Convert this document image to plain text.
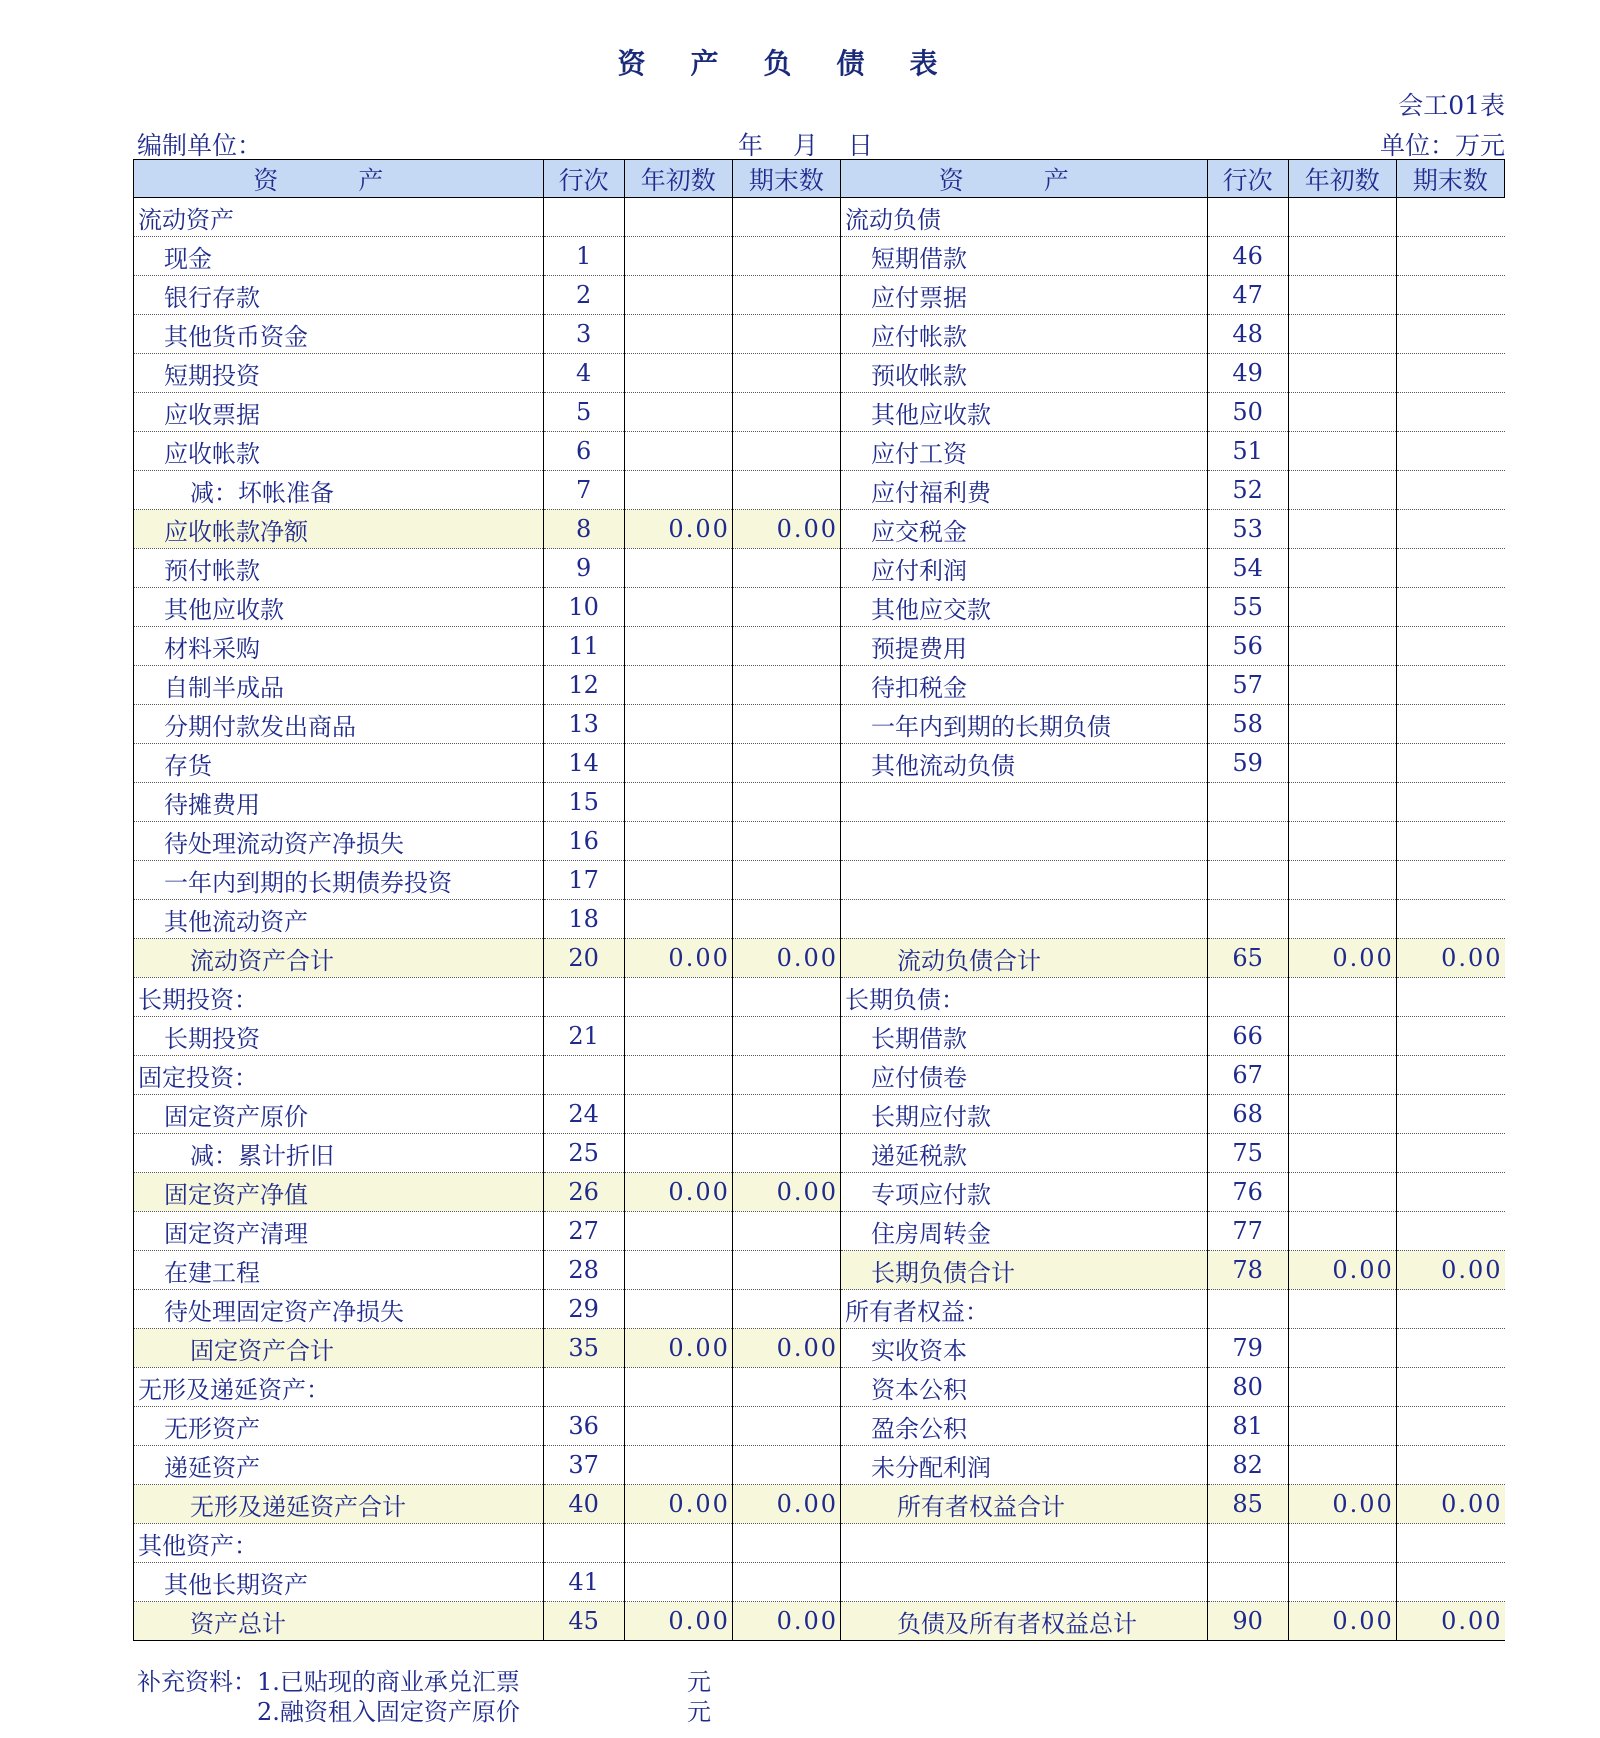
资产负债表
会工01表
编制单位：	年 月 日	单位：万元
资产	行次	年初数	期末数	资产	行次	年初数	期末数
流动资产				流动负债			
现金	1			短期借款	46		
银行存款	2			应付票据	47		
其他货币资金	3			应付帐款	48		
短期投资	4			预收帐款	49		
应收票据	5			其他应收款	50		
应收帐款	6			应付工资	51		
减：坏帐准备	7			应付福利费	52		
应收帐款净额	8	0.00	0.00	应交税金	53		
预付帐款	9			应付利润	54		
其他应收款	10			其他应交款	55		
材料采购	11			预提费用	56		
自制半成品	12			待扣税金	57		
分期付款发出商品	13			一年内到期的长期负债	58		
存货	14			其他流动负债	59		
待摊费用	15						
待处理流动资产净损失	16						
一年内到期的长期债券投资	17						
其他流动资产	18						
流动资产合计	20	0.00	0.00	流动负债合计	65	0.00	0.00
长期投资：				长期负债：			
长期投资	21			长期借款	66		
固定投资：				应付债卷	67		
固定资产原价	24			长期应付款	68		
减：累计折旧	25			递延税款	75		
固定资产净值	26	0.00	0.00	专项应付款	76		
固定资产清理	27			住房周转金	77		
在建工程	28			长期负债合计	78	0.00	0.00
待处理固定资产净损失	29			所有者权益：			
固定资产合计	35	0.00	0.00	实收资本	79		
无形及递延资产：				资本公积	80		
无形资产	36			盈余公积	81		
递延资产	37			未分配利润	82		
无形及递延资产合计	40	0.00	0.00	所有者权益合计	85	0.00	0.00
其他资产：							
其他长期资产	41						
资产总计	45	0.00	0.00	负债及所有者权益总计	90	0.00	0.00
补充资料： 1.已贴现的商业承兑汇票	元
2.融资租入固定资产原价	元
